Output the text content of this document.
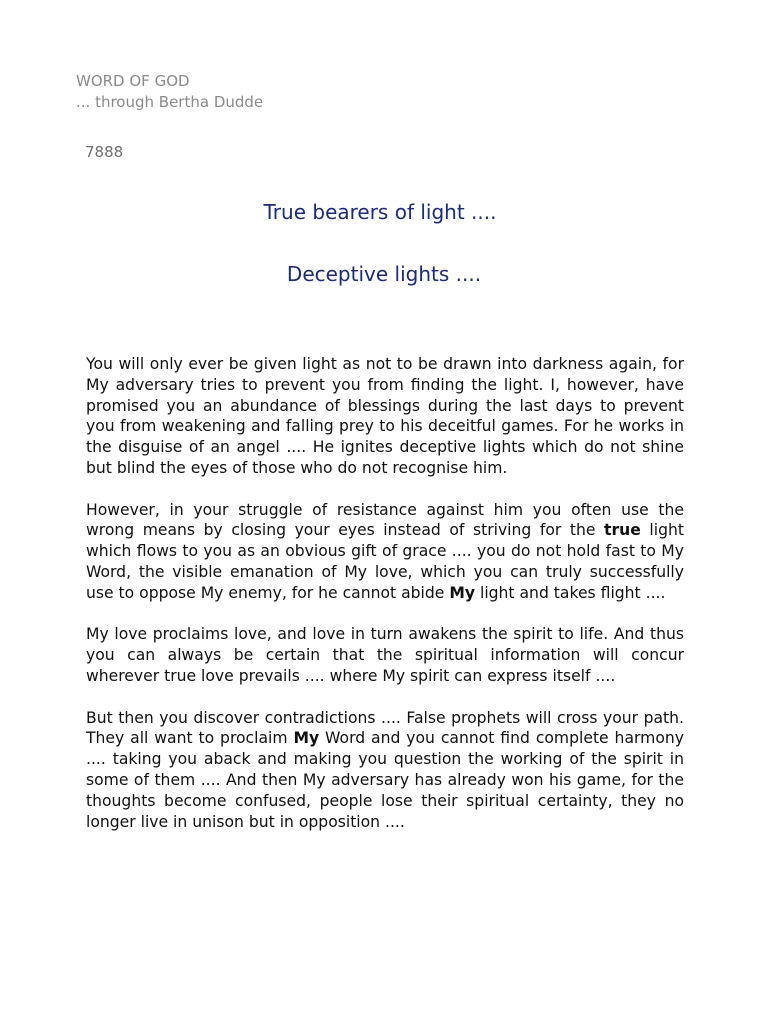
WORD OF GOD

... through Bertha Dudde

7888

True bearers of light ....
Deceptive lights ....

You will only ever be given light as not to be drawn into darkness again, for My adversary tries to prevent you from finding the light. I, however, have promised you an abundance of blessings during the last days to prevent you from weakening and falling prey to his deceitful games. For he works in the disguise of an angel .... He ignites deceptive lights which do not shine but blind the eyes of those who do not recognise him.

However, in your struggle of resistance against him you often use the wrong means by closing your eyes instead of striving for the true light which flows to you as an obvious gift of grace .... you do not hold fast to My Word, the visible emanation of My love, which you can truly successfully use to oppose My enemy, for he cannot abide My light and takes flight ....

My love proclaims love, and love in turn awakens the spirit to life. And thus you can always be certain that the spiritual information will concur wherever true love prevails .... where My spirit can express itself ....

But then you discover contradictions .... False prophets will cross your path. They all want to proclaim My Word and you cannot find complete harmony .... taking you aback and making you question the working of the spirit in some of them .... And then My adversary has already won his game, for the thoughts become confused, people lose their spiritual certainty, they no longer live in unison but in opposition ....
